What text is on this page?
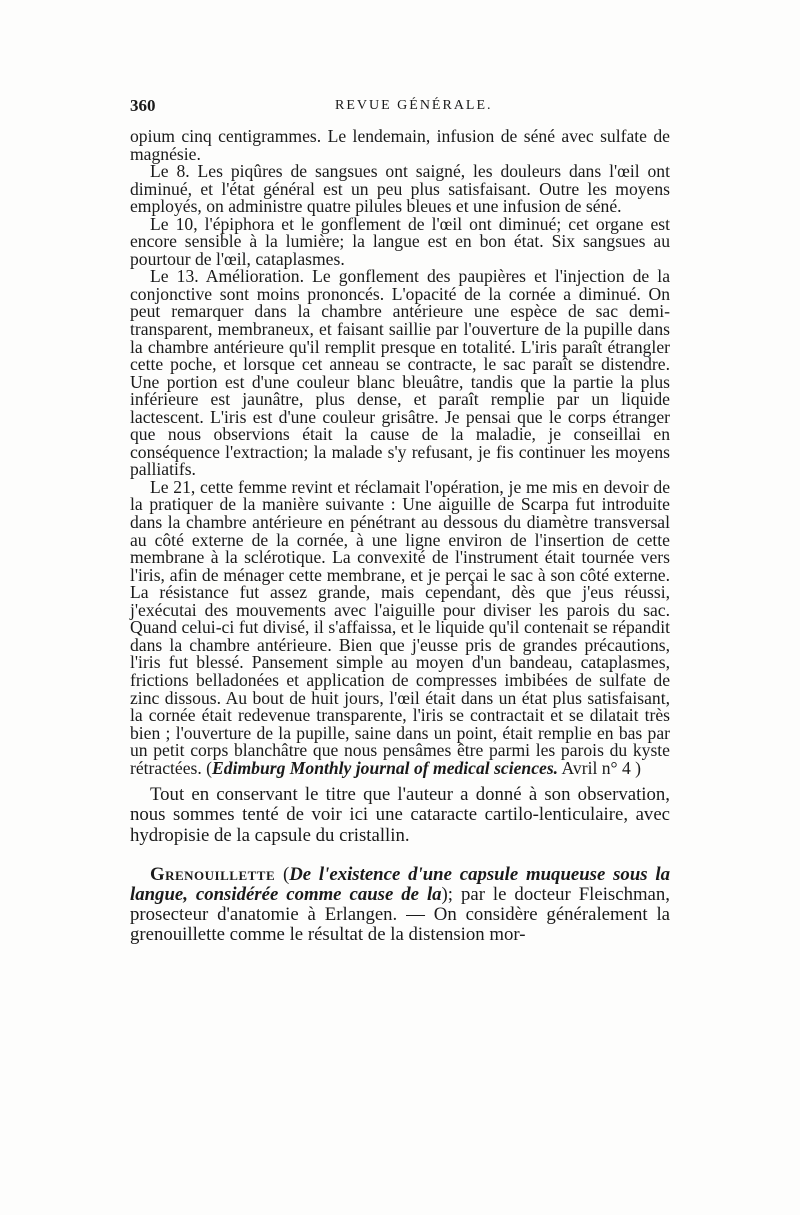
360	REVUE GÉNÉRALE.

opium cinq centigrammes. Le lendemain, infusion de séné avec sulfate de magnésie.

Le 8. Les piqûres de sangsues ont saigné, les douleurs dans l'œil ont diminué, et l'état général est un peu plus satisfaisant. Outre les moyens employés, on administre quatre pilules bleues et une infusion de séné.

Le 10, l'épiphora et le gonflement de l'œil ont diminué; cet organe est encore sensible à la lumière; la langue est en bon état. Six sangsues au pourtour de l'œil, cataplasmes.

Le 13. Amélioration. Le gonflement des paupières et l'injection de la conjonctive sont moins prononcés. L'opacité de la cornée a diminué. On peut remarquer dans la chambre antérieure une espèce de sac demi-transparent, membraneux, et faisant saillie par l'ouverture de la pupille dans la chambre antérieure qu'il remplit presque en totalité. L'iris paraît étrangler cette poche, et lorsque cet anneau se contracte, le sac paraît se distendre. Une portion est d'une couleur blanc bleuâtre, tandis que la partie la plus inférieure est jaunâtre, plus dense, et paraît remplie par un liquide lactescent. L'iris est d'une couleur grisâtre. Je pensai que le corps étranger que nous observions était la cause de la maladie, je conseillai en conséquence l'extraction; la malade s'y refusant, je fis continuer les moyens palliatifs.

Le 21, cette femme revint et réclamait l'opération, je me mis en devoir de la pratiquer de la manière suivante : Une aiguille de Scarpa fut introduite dans la chambre antérieure en pénétrant au dessous du diamètre transversal au côté externe de la cornée, à une ligne environ de l'insertion de cette membrane à la sclérotique. La convexité de l'instrument était tournée vers l'iris, afin de ménager cette membrane, et je perçai le sac à son côté externe. La résistance fut assez grande, mais cependant, dès que j'eus réussi, j'exécutai des mouvements avec l'aiguille pour diviser les parois du sac. Quand celui-ci fut divisé, il s'affaissa, et le liquide qu'il contenait se répandit dans la chambre antérieure. Bien que j'eusse pris de grandes précautions, l'iris fut blessé. Pansement simple au moyen d'un bandeau, cataplasmes, frictions belladonées et application de compresses imbibées de sulfate de zinc dissous. Au bout de huit jours, l'œil était dans un état plus satisfaisant, la cornée était redevenue transparente, l'iris se contractait et se dilatait très bien ; l'ouverture de la pupille, saine dans un point, était remplie en bas par un petit corps blanchâtre que nous pensâmes être parmi les parois du kyste rétractées. (Edimburg Monthly journal of medical sciences. Avril n° 4 )

Tout en conservant le titre que l'auteur a donné à son observation, nous sommes tenté de voir ici une cataracte cartilo-lenticulaire, avec hydropisie de la capsule du cristallin.

Grenouillette (De l'existence d'une capsule muqueuse sous la langue, considérée comme cause de la); par le docteur Fleischman, prosecteur d'anatomie à Erlangen. — On considère généralement la grenouillette comme le résultat de la distension mor-
